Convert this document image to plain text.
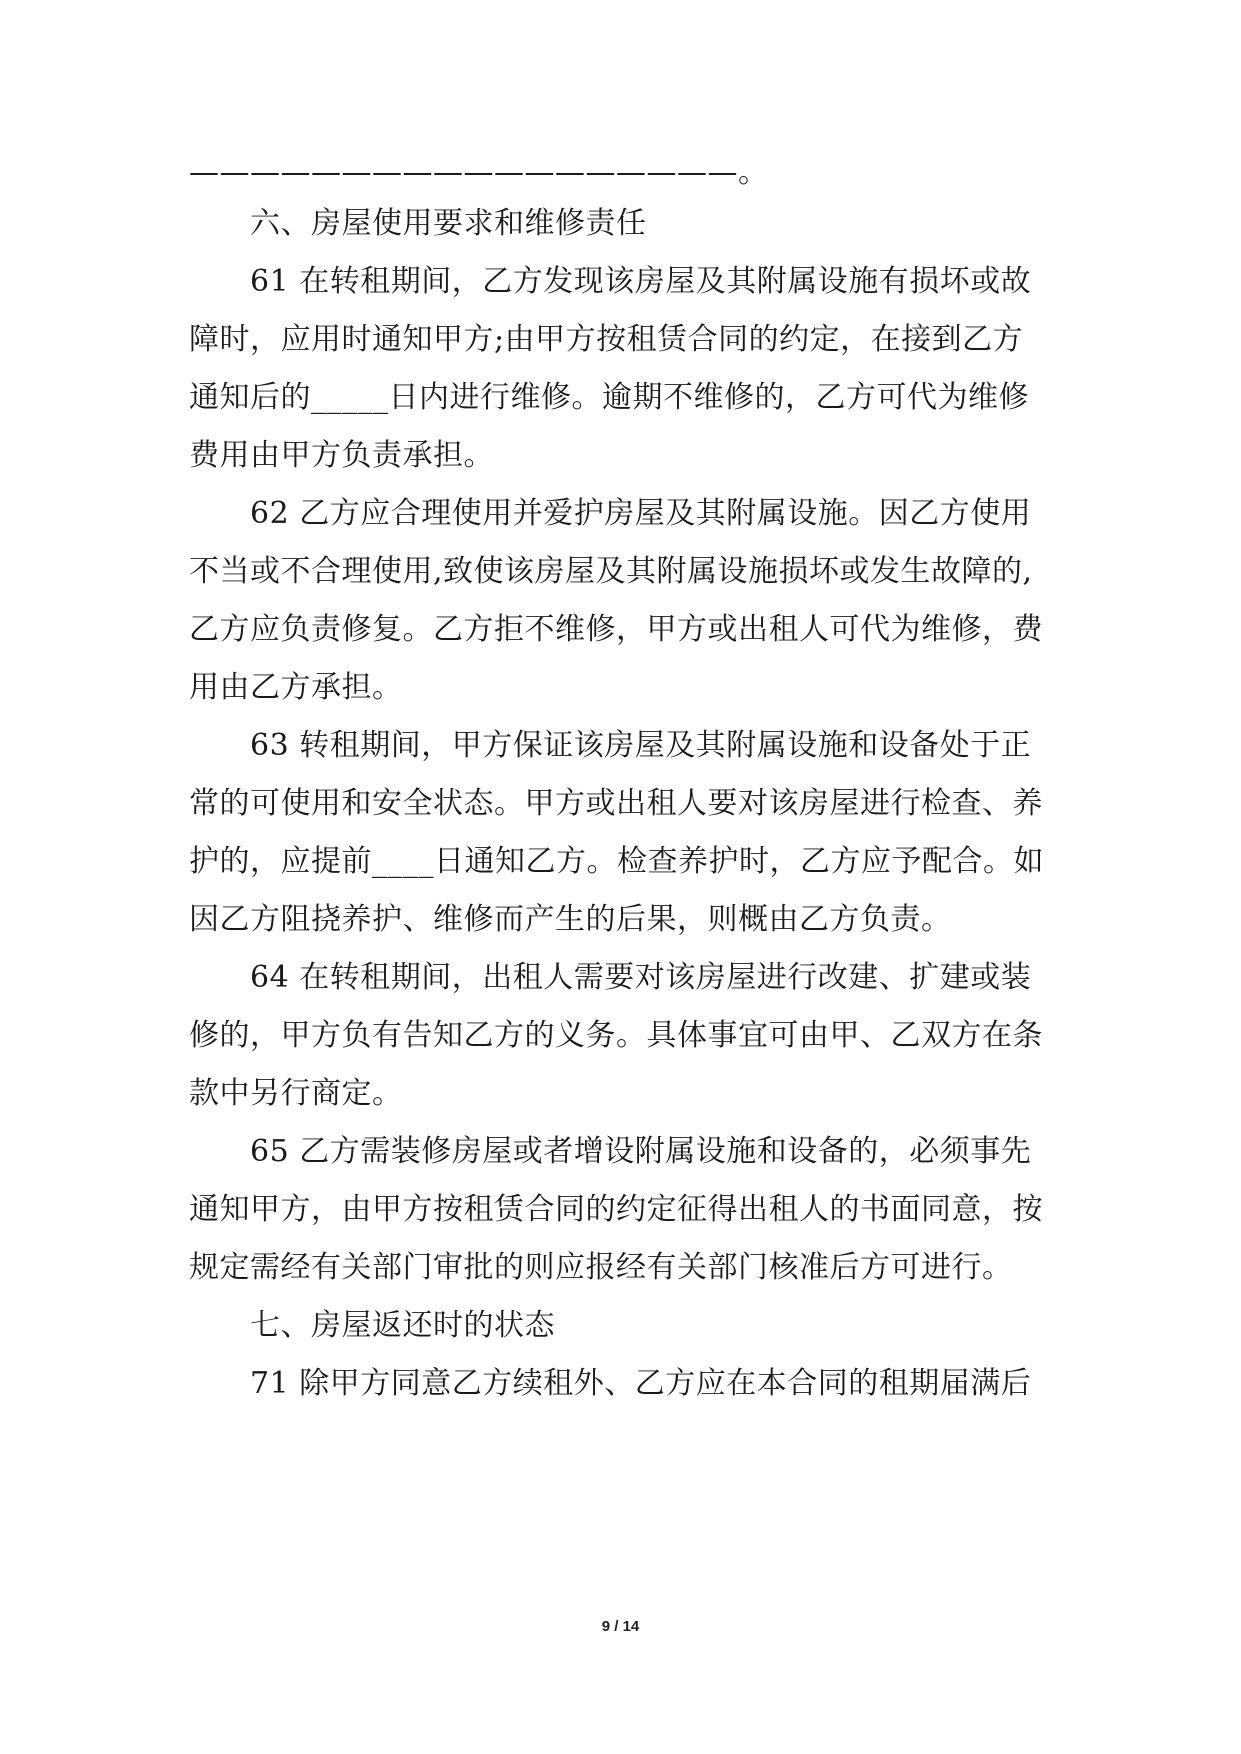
——————————————————。
六、房屋使用要求和维修责任
61 在转租期间，乙方发现该房屋及其附属设施有损坏或故
障时，应用时通知甲方;由甲方按租赁合同的约定，在接到乙方
通知后的_____日内进行维修。逾期不维修的，乙方可代为维修
费用由甲方负责承担。
62 乙方应合理使用并爱护房屋及其附属设施。因乙方使用
不当或不合理使用,致使该房屋及其附属设施损坏或发生故障的,
乙方应负责修复。乙方拒不维修，甲方或出租人可代为维修，费
用由乙方承担。
63 转租期间，甲方保证该房屋及其附属设施和设备处于正
常的可使用和安全状态。甲方或出租人要对该房屋进行检查、养
护的，应提前____日通知乙方。检查养护时，乙方应予配合。如
因乙方阻挠养护、维修而产生的后果，则概由乙方负责。
64 在转租期间，出租人需要对该房屋进行改建、扩建或装
修的，甲方负有告知乙方的义务。具体事宜可由甲、乙双方在条
款中另行商定。
65 乙方需装修房屋或者增设附属设施和设备的，必须事先
通知甲方，由甲方按租赁合同的约定征得出租人的书面同意，按
规定需经有关部门审批的则应报经有关部门核准后方可进行。
七、房屋返还时的状态
71 除甲方同意乙方续租外、乙方应在本合同的租期届满后
9 / 14
